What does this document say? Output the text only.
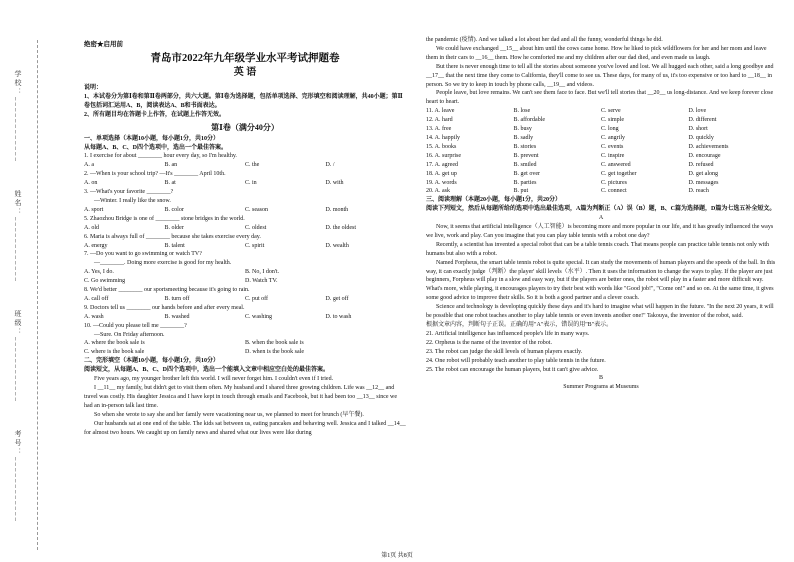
学校：____________
姓名：____________
班级：____________
考号：____________
绝密★启用前
青岛市2022年九年级学业水平考试押题卷
英 语

说明：

1、本试卷分为第Ⅰ卷和第Ⅱ卷两部分，共六大题。第Ⅰ卷为选择题，包括单项选择、完形填空和阅读理解，共40小题；第Ⅱ卷包括词汇运用A、B，阅读表达A、B和书面表达。

2、所有题目均在答题卡上作答，在试题上作答无效。

第Ⅰ卷（满分40分）

一、单项选择（本题10小题，每小题1分，共10分）

从每题A、B、C、D四个选项中，选出一个最佳答案。

1. I exercise for about ________ hour every day, so I'm healthy.

A. a	B. an	C. the	D. /

2. —When is your school trip? —It's ________ April 10th.

A. on	B. at	C. in	D. with

3. —What's your favorite ________?

—Winter. I really like the snow.

A. sport	B. color	C. season	D. month

5. Zhaozhou Bridge is one of ________ stone bridges in the world.

A. old	B. older	C. oldest	D. the oldest

6. Maria is always full of ________ because she takes exercise every day.

A. energy	B. talent	C. spirit	D. wealth

7. —Do you want to go swimming or watch TV?

—________. Doing more exercise is good for my health.

A. Yes, I do.	B. No, I don't.
C. Go swimming	D. Watch TV.

8. We'd better ________ our sportsmeeting because it's going to rain.

A. call off	B. turn off	C. put off	D. get off

9. Doctors tell us ________ our hands before and after every meal.

A. wash	B. washed	C. washing	D. to wash

10. —Could you please tell me ________?

—Sure. On Friday afternoon.

A. where the book sale is	B. when the book sale is
C. where is the book sale	D. when is the book sale

二、完形填空（本题10小题，每小题1分，共10分）

阅读短文，从每题A、B、C、D四个选项中，选出一个能填入文章中相应空白处的最佳答案。

Five years ago, my younger brother left this world. I will never forget him. I couldn't even if I tried.

I __11__ my family, but didn't get to visit them often. My husband and I shared three growing children. Life was __12__ and travel was costly. His daughter Jessica and I have kept in touch through emails and Facebook, but it had been too __13__ since we had an in-person talk last time.

So when she wrote to say she and her family were vacationing near us, we planned to meet for brunch (早午餐).

Our husbands sat at one end of the table. The kids sat between us, eating pancakes and behaving well. Jessica and I talked __14__ for almost two hours. We caught up on family news and shared what our lives were like during

the pandemic (疫情). And we talked a lot about her dad and all the funny, wonderful things he did.

We could have exchanged __15__ about him until the cows came home. How he liked to pick wildflowers for her and her mom and leave them in their cars to __16__ them. How he comforted me and my children after our dad died, and even made us laugh.

But there is never enough time to tell all the stories about someone you've loved and lost. We all hugged each other, said a long goodbye and __17__ that the next time they come to California, they'll come to see us. These days, for many of us, it's too expensive or too hard to __18__ in person. So we try to keep in touch by phone calls, __19__ and videos.

People leave, but love remains. We can't see them face to face. But we'll tell stories that __20__ us long-distance. And we keep forever close heart to heart.

11. A. leave	B. lose	C. serve	D. love
12. A. hard	B. affordable	C. simple	D. different
13. A. free	B. busy	C. long	D. short
14. A. happily	B. sadly	C. angrily	D. quickly
15. A. books	B. stories	C. events	D. achievements
16. A. surprise	B. prevent	C. inspire	D. encourage
17. A. agreed	B. smiled	C. answered	D. refused
18. A. get up	B. get over	C. get together	D. get along
19. A. words	B. parties	C. pictures	D. messages
20. A. ask	B. put	C. connect	D. reach

三、阅读理解（本题20小题，每小题1分，共20分）

阅读下列短文，然后从每题所给的选项中选出最佳选项，A篇为判断正（A）误（B）题，B、C篇为选择题，D篇为七选五补全短文。

A

Now, it seems that artificial intelligence（人工智能）is becoming more and more popular in our life, and it has greatly influenced the ways we live, work and play. Can you imagine that you can play table tennis with a robot one day?

Recently, a scientist has invented a special robot that can be a table tennis coach. That means people can practice table tennis not only with humans but also with a robot.

Named Forpheus, the smart table tennis robot is quite special. It can study the movements of human players and the speeds of the ball. In this way, it can exactly judge（判断）the player' skill levels（水平）. Then it uses the information to change the ways to play. If the player are just beginners, Forpheus will play in a slow and easy way, but if the players are better ones, the robot will play in a faster and more difficult way. What's more, while playing, it encourages players to try their best with words like "Good job!", "Come on!" and so on. At the same time, it gives some good advice to improve their skills. So it is both a good partner and a clever coach.

Science and technology is developing quickly these days and it's hard to imagine what will happen in the future. "In the next 20 years, it will be possible that one robot teaches another to play table tennis or even invents another one!" Takouya, the inventor of the robot, said.

根据文章内容，判断句子正误。正确的用"A"表示，错误的用"B"表示。

21. Artificial intelligence has influenced people's life in many ways.

22. Orpheus is the name of the inventor of the robot.

23. The robot can judge the skill levels of human players exactly.

24. One robot will probably teach another to play table tennis in the future.

25. The robot can encourage the human players, but it can't give advice.

B

Summer Programs at Museums

第1页 共8页
